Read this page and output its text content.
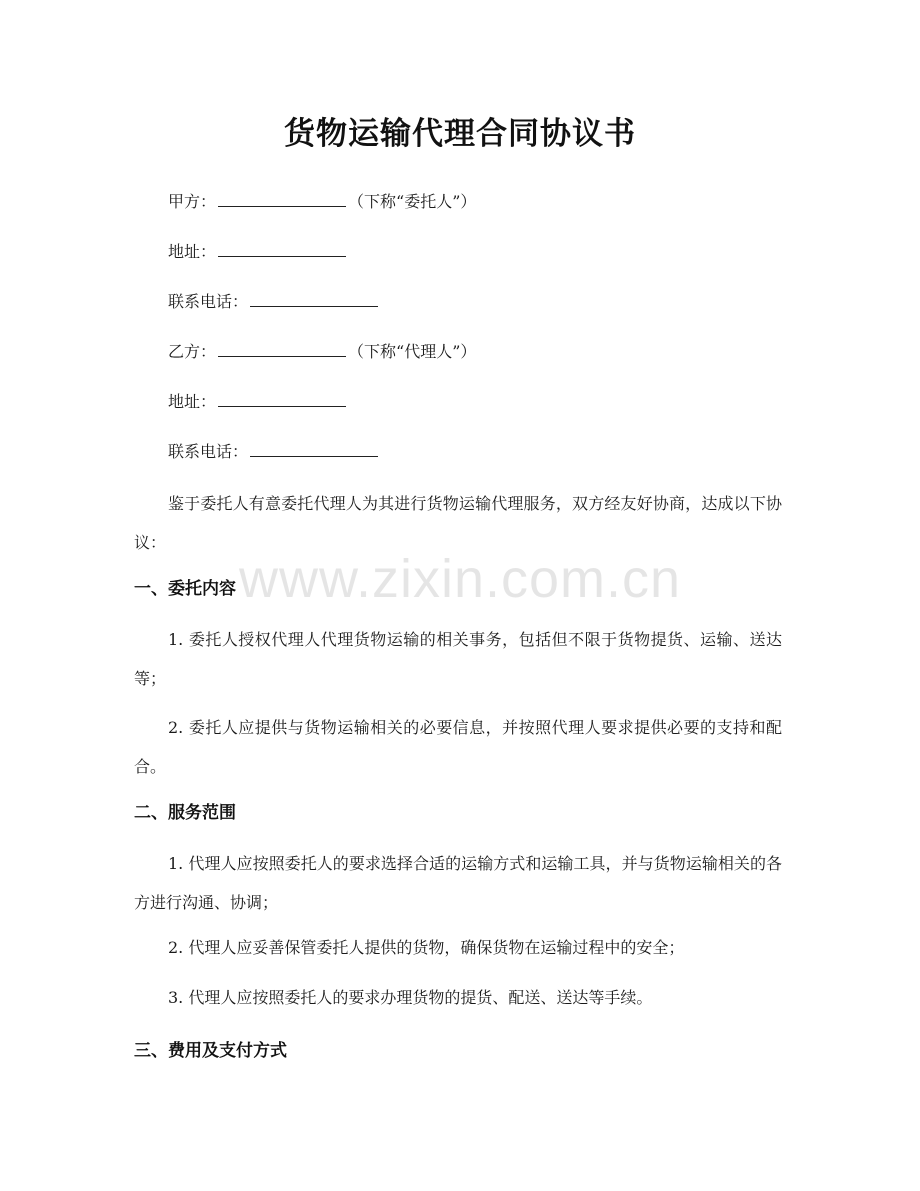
货物运输代理合同协议书
甲方：	（下称“委托人”）
地址：
联系电话：
乙方：	（下称“代理人”）
地址：
联系电话：
鉴于委托人有意委托代理人为其进行货物运输代理服务，双方经友好协商，达成以下协议：
一、委托内容
1. 委托人授权代理人代理货物运输的相关事务，包括但不限于货物提货、运输、送达等；
2. 委托人应提供与货物运输相关的必要信息，并按照代理人要求提供必要的支持和配合。
二、服务范围
1. 代理人应按照委托人的要求选择合适的运输方式和运输工具，并与货物运输相关的各方进行沟通、协调；
2. 代理人应妥善保管委托人提供的货物，确保货物在运输过程中的安全；
3. 代理人应按照委托人的要求办理货物的提货、配送、送达等手续。
三、费用及支付方式
www.zixin.com.cn
